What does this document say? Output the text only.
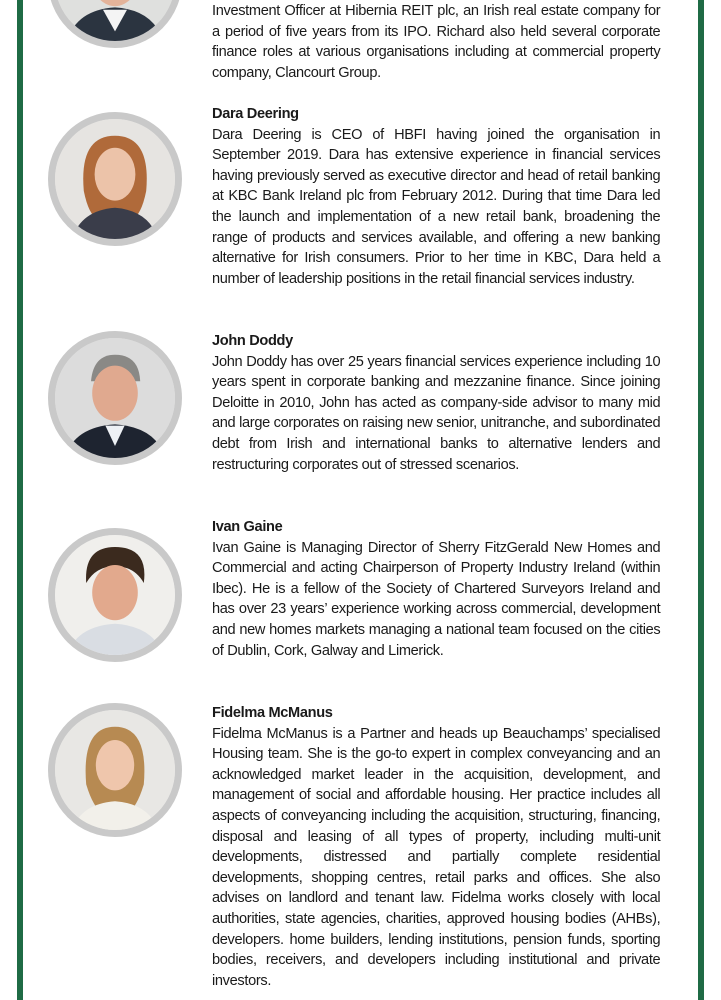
Investment Officer at Hibernia REIT plc, an Irish real estate company for a period of five years from its IPO. Richard also held several corporate finance roles at various organisations including at commercial property company, Clancourt Group.
Dara Deering
Dara Deering is CEO of HBFI having joined the organisation in September 2019. Dara has extensive experience in financial services having previously served as executive director and head of retail banking at KBC Bank Ireland plc from February 2012. During that time Dara led the launch and implementation of a new retail bank, broadening the range of products and services available, and offering a new banking alternative for Irish consumers. Prior to her time in KBC, Dara held a number of leadership positions in the retail financial services industry.
John Doddy
John Doddy has over 25 years financial services experience including 10 years spent in corporate banking and mezzanine finance. Since joining Deloitte in 2010, John has acted as company-side advisor to many mid and large corporates on raising new senior, unitranche, and subordinated debt from Irish and international banks to alternative lenders and restructuring corporates out of stressed scenarios.
Ivan Gaine
Ivan Gaine is Managing Director of Sherry FitzGerald New Homes and Commercial and acting Chairperson of Property Industry Ireland (within Ibec). He is a fellow of the Society of Chartered Surveyors Ireland and has over 23 years’ experience working across commercial, development and new homes markets managing a national team focused on the cities of Dublin, Cork, Galway and Limerick.
Fidelma McManus
Fidelma McManus is a Partner and heads up Beauchamps’ specialised Housing team. She is the go-to expert in complex conveyancing and an acknowledged market leader in the acquisition, development, and management of social and affordable housing. Her practice includes all aspects of conveyancing including the acquisition, structuring, financing, disposal and leasing of all types of property, including multi-unit developments, distressed and partially complete residential developments, shopping centres, retail parks and offices. She also advises on landlord and tenant law. Fidelma works closely with local authorities, state agencies, charities, approved housing bodies (AHBs), developers. home builders, lending institutions, pension funds, sporting bodies, receivers, and developers including institutional and private investors.
